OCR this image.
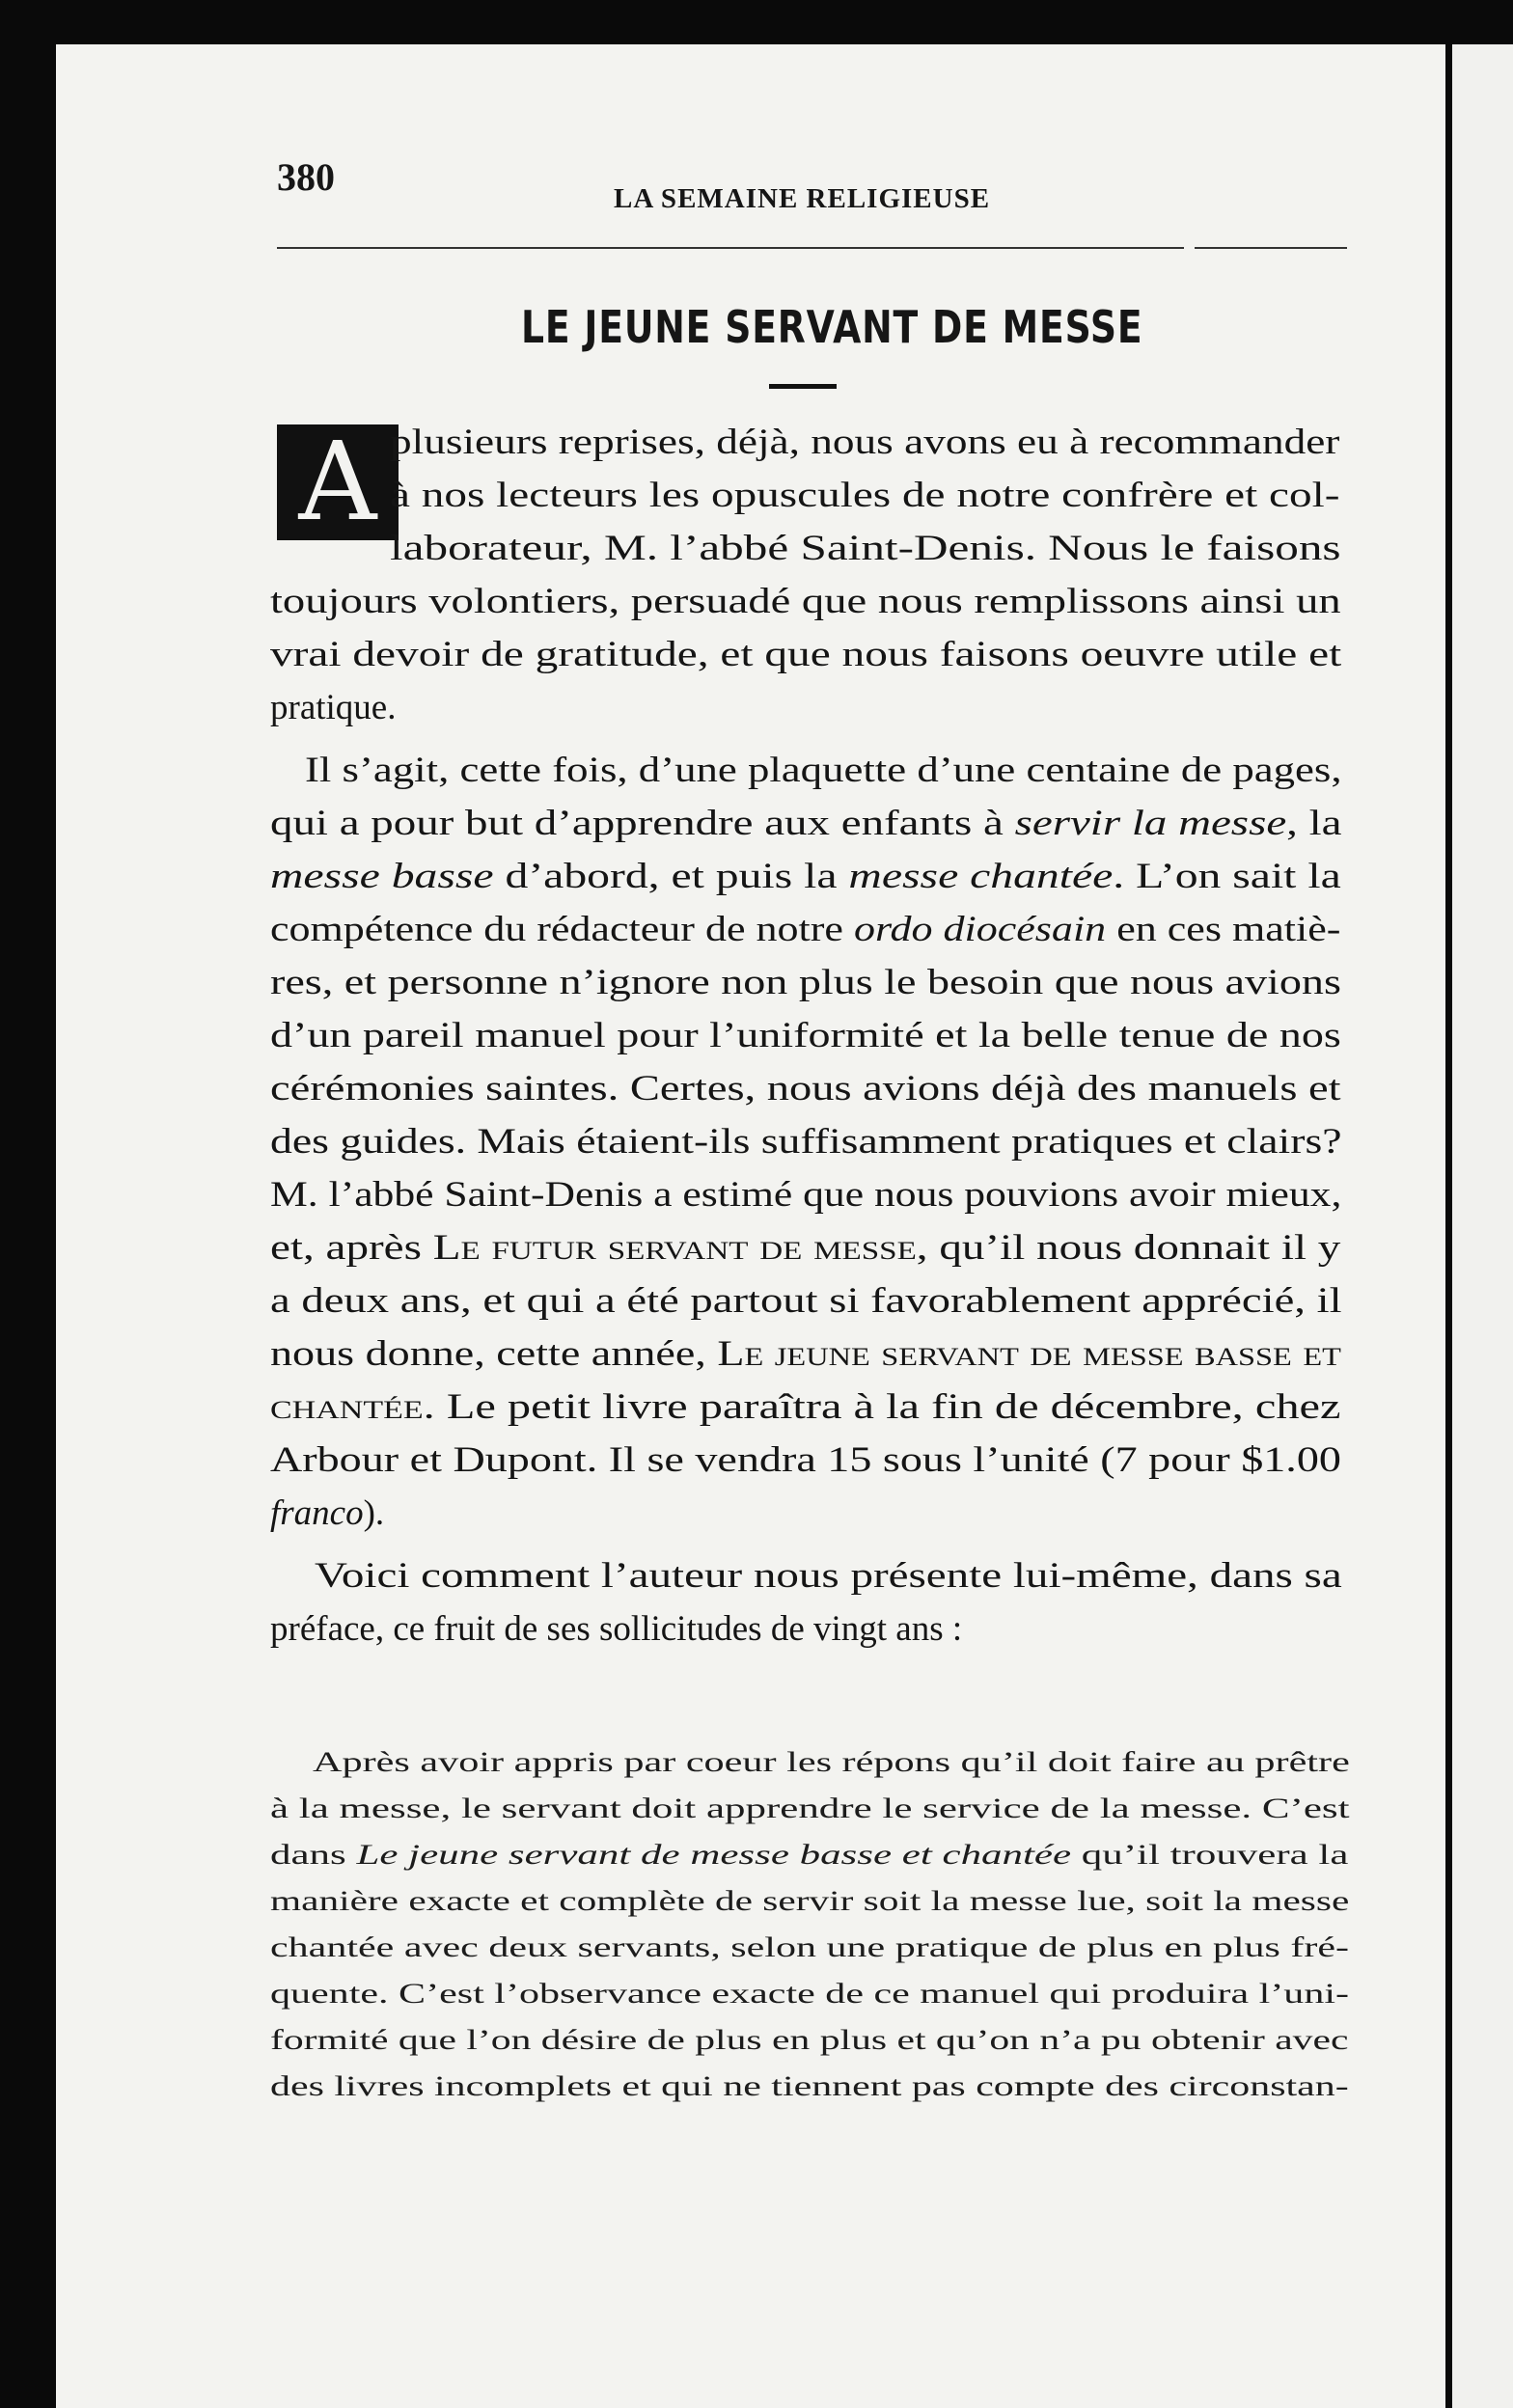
380	LA SEMAINE RELIGIEUSE
LE JEUNE SERVANT DE MESSE
A plusieurs reprises, déjà, nous avons eu à recommander
à nos lecteurs les opuscules de notre confrère et col-
laborateur, M. l’abbé Saint-Denis. Nous le faisons
toujours volontiers, persuadé que nous remplissons ainsi un
vrai devoir de gratitude, et que nous faisons oeuvre utile et
pratique.
Il s’agit, cette fois, d’une plaquette d’une centaine de pages,
qui a pour but d’apprendre aux enfants à servir la messe, la
messe basse d’abord, et puis la messe chantée. L’on sait la
compétence du rédacteur de notre ordo diocésain en ces matiè-
res, et personne n’ignore non plus le besoin que nous avions
d’un pareil manuel pour l’uniformité et la belle tenue de nos
cérémonies saintes. Certes, nous avions déjà des manuels et
des guides. Mais étaient-ils suffisamment pratiques et clairs?
M. l’abbé Saint-Denis a estimé que nous pouvions avoir mieux,
et, après Le futur servant de messe, qu’il nous donnait il y
a deux ans, et qui a été partout si favorablement apprécié, il
nous donne, cette année, Le jeune servant de messe basse et
chantée. Le petit livre paraîtra à la fin de décembre, chez
Arbour et Dupont. Il se vendra 15 sous l’unité (7 pour $1.00
franco).
Voici comment l’auteur nous présente lui-même, dans sa
préface, ce fruit de ses sollicitudes de vingt ans :
Après avoir appris par coeur les répons qu’il doit faire au prêtre
à la messe, le servant doit apprendre le service de la messe. C’est
dans Le jeune servant de messe basse et chantée qu’il trouvera la
manière exacte et complète de servir soit la messe lue, soit la messe
chantée avec deux servants, selon une pratique de plus en plus fré-
quente. C’est l’observance exacte de ce manuel qui produira l’uni-
formité que l’on désire de plus en plus et qu’on n’a pu obtenir avec
des livres incomplets et qui ne tiennent pas compte des circonstan-
